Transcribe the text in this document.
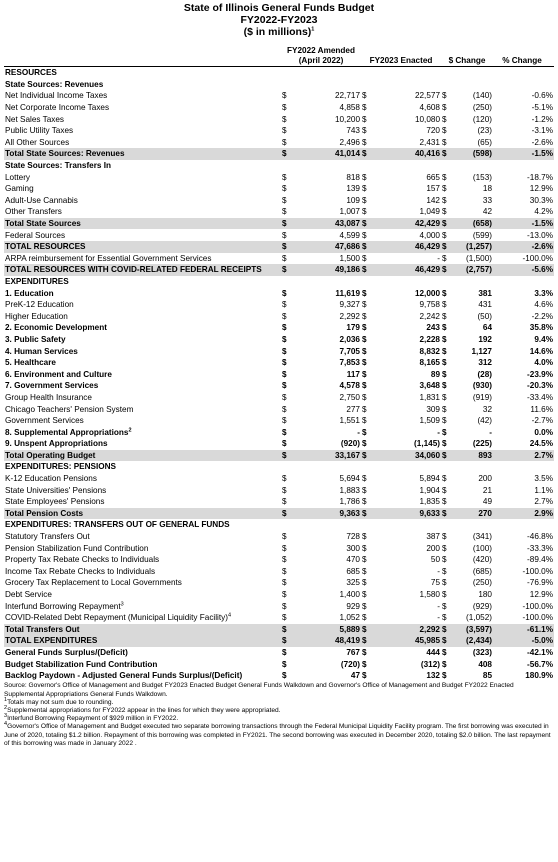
State of Illinois General Funds Budget
FY2022-FY2023
($ in millions)$^1$
FY2022 Amended (April 2022)	FY2023 Enacted	$ Change	% Change
RESOURCES							
State Sources: Revenues							
Net Individual Income Taxes	$	22,717	$	22,577	$	(140)	-0.6%
Net Corporate Income Taxes	$	4,858	$	4,608	$	(250)	-5.1%
Net Sales Taxes	$	10,200	$	10,080	$	(120)	-1.2%
Public Utility Taxes	$	743	$	720	$	(23)	-3.1%
All Other Sources	$	2,496	$	2,431	$	(65)	-2.6%
Total State Sources: Revenues	$	41,014	$	40,416	$	(598)	-1.5%
State Sources: Transfers In							
Lottery	$	818	$	665	$	(153)	-18.7%
Gaming	$	139	$	157	$	18	12.9%
Adult-Use Cannabis	$	109	$	142	$	33	30.3%
Other Transfers	$	1,007	$	1,049	$	42	4.2%
Total State Sources	$	43,087	$	42,429	$	(658)	-1.5%
Federal Sources	$	4,599	$	4,000	$	(599)	-13.0%
TOTAL RESOURCES	$	47,686	$	46,429	$	(1,257)	-2.6%
ARPA reimbursement for Essential Government Services	$	1,500	$	-	$	(1,500)	-100.0%
TOTAL RESOURCES WITH COVID-RELATED FEDERAL RECEIPTS	$	49,186	$	46,429	$	(2,757)	-5.6%
EXPENDITURES							
1. Education	$	11,619	$	12,000	$	381	3.3%
PreK-12 Education	$	9,327	$	9,758	$	431	4.6%
Higher Education	$	2,292	$	2,242	$	(50)	-2.2%
2. Economic Development	$	179	$	243	$	64	35.8%
3. Public Safety	$	2,036	$	2,228	$	192	9.4%
4. Human Services	$	7,705	$	8,832	$	1,127	14.6%
5. Healthcare	$	7,853	$	8,165	$	312	4.0%
6. Environment and Culture	$	117	$	89	$	(28)	-23.9%
7. Government Services	$	4,578	$	3,648	$	(930)	-20.3%
Group Health Insurance	$	2,750	$	1,831	$	(919)	-33.4%
Chicago Teachers' Pension System	$	277	$	309	$	32	11.6%
Government Services	$	1,551	$	1,509	$	(42)	-2.7%
8. Supplemental Appropriations$^2$	$	-	$	-	$	-	0.0%
9. Unspent Appropriations	$	(920)	$	(1,145)	$	(225)	24.5%
Total Operating Budget	$	33,167	$	34,060	$	893	2.7%
EXPENDITURES: PENSIONS							
K-12 Education Pensions	$	5,694	$	5,894	$	200	3.5%
State Universities' Pensions	$	1,883	$	1,904	$	21	1.1%
State Employees' Pensions	$	1,786	$	1,835	$	49	2.7%
Total Pension Costs	$	9,363	$	9,633	$	270	2.9%
EXPENDITURES: TRANSFERS OUT OF GENERAL FUNDS							
Statutory Transfers Out	$	728	$	387	$	(341)	-46.8%
Pension Stabilization Fund Contribution	$	300	$	200	$	(100)	-33.3%
Property Tax Rebate Checks to Individuals	$	470	$	50	$	(420)	-89.4%
Income Tax Rebate Checks to Individuals	$	685	$	-	$	(685)	-100.0%
Grocery Tax Replacement to Local Governments	$	325	$	75	$	(250)	-76.9%
Debt Service	$	1,400	$	1,580	$	180	12.9%
Interfund Borrowing Repayment$^3$	$	929	$	-	$	(929)	-100.0%
COVID-Related Debt Repayment (Municipal Liquidity Facility)$^4$	$	1,052	$	-	$	(1,052)	-100.0%
Total Transfers Out	$	5,889	$	2,292	$	(3,597)	-61.1%
TOTAL EXPENDITURES	$	48,419	$	45,985	$	(2,434)	-5.0%
General Funds Surplus/(Deficit)	$	767	$	444	$	(323)	-42.1%
Budget Stabilization Fund Contribution	$	(720)	$	(312)	$	408	-56.7%
Backlog Paydown - Adjusted General Funds Surplus/(Deficit)	$	47	$	132	$	85	180.9%
Source: Governor's Office of Management and Budget FY2023 Enacted Budget General Funds Walkdown and Governor's Office of Management and Budget FY2022 Enacted Supplemental Appropriations General Funds Walkdown.
$^1$Totals may not sum due to rounding.
$^2$Supplemental appropriations for FY2022 appear in the lines for which they were appropriated.
$^3$Interfund Borrowing Repayment of $929 million in FY2022.
$^4$Governor's Office of Management and Budget executed two separate borrowing transactions through the Federal Municipal Liquidity Facility program. The first borrowing was executed in June of 2020, totaling $1.2 billion. Repayment of this borrowing was completed in FY2021. The second borrowing was executed in December 2020, totaling $2.0 billion. The last repayment of this borrowing was made in January 2022 .
